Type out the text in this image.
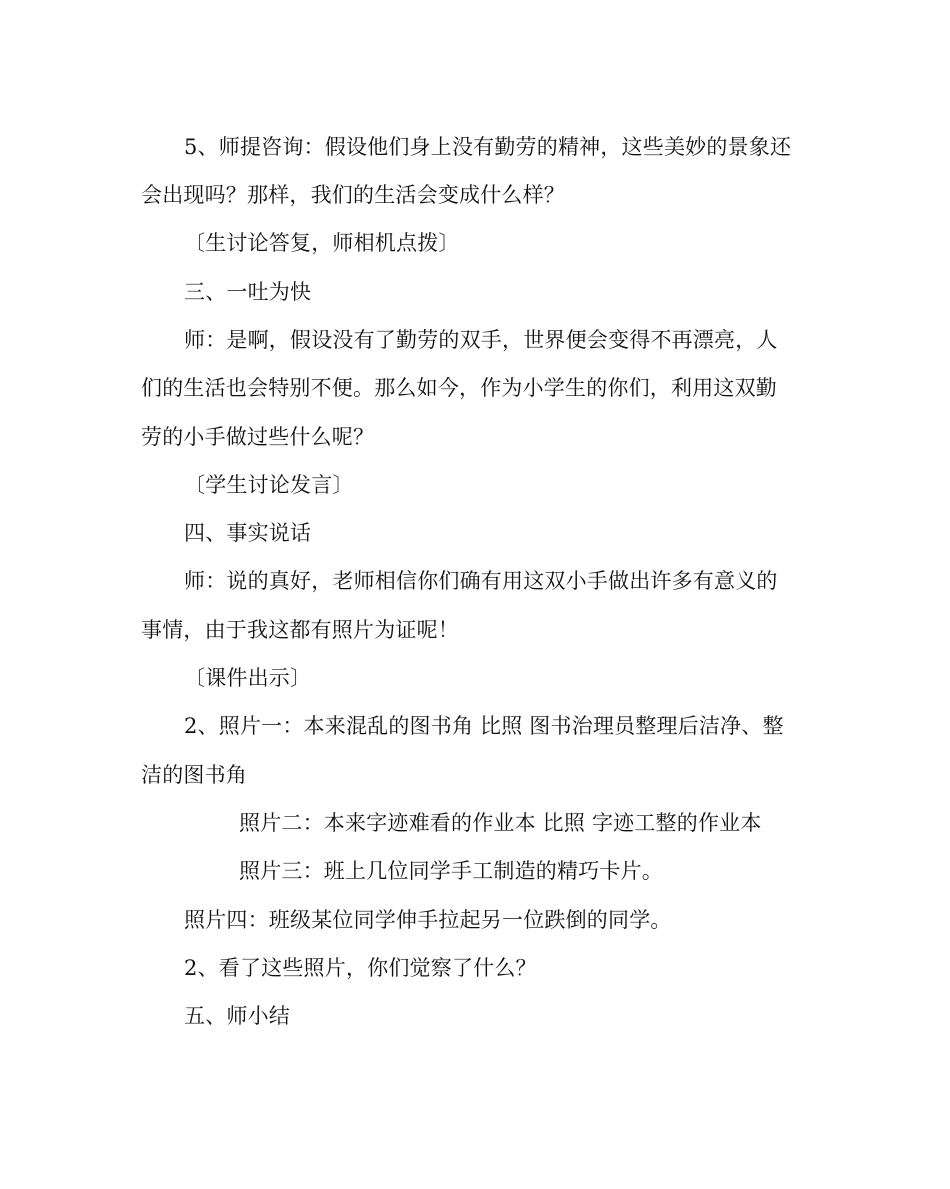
5、师提咨询：假设他们身上没有勤劳的精神，这些美妙的景象还
会出现吗？那样，我们的生活会变成什么样？
〔生讨论答复，师相机点拨〕
三、一吐为快
师：是啊，假设没有了勤劳的双手，世界便会变得不再漂亮，人
们的生活也会特别不便。那么如今，作为小学生的你们，利用这双勤
劳的小手做过些什么呢？
〔学生讨论发言〕
四、事实说话
师：说的真好，老师相信你们确有用这双小手做出许多有意义的
事情，由于我这都有照片为证呢！
〔课件出示〕
2、照片一：本来混乱的图书角 比照 图书治理员整理后洁净、整
洁的图书角
照片二：本来字迹难看的作业本 比照 字迹工整的作业本
照片三：班上几位同学手工制造的精巧卡片。
照片四：班级某位同学伸手拉起另一位跌倒的同学。
2、看了这些照片，你们觉察了什么？
五、师小结
